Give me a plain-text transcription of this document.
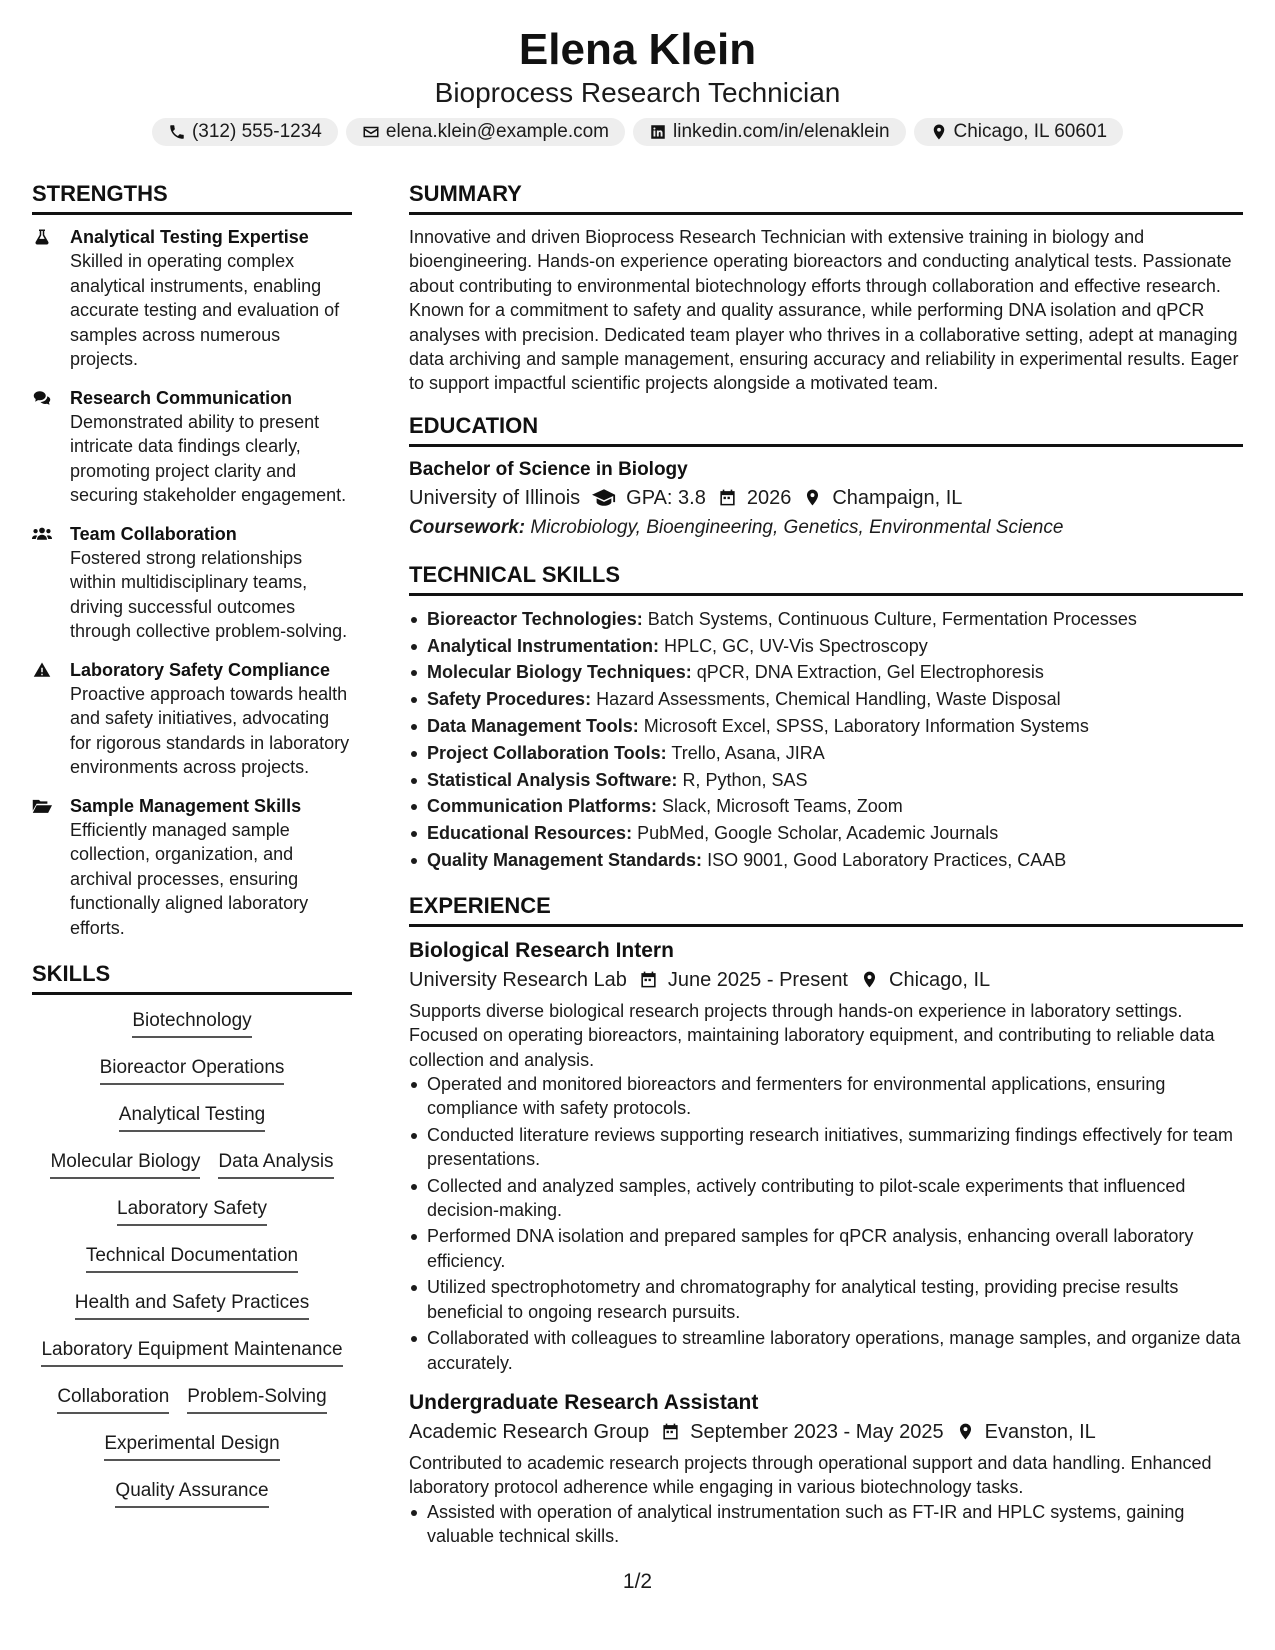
Elena Klein
Bioprocess Research Technician
(312) 555-1234	elena.klein@example.com	linkedin.com/in/elenaklein	Chicago, IL 60601
STRENGTHS
Analytical Testing Expertise
Skilled in operating complex analytical instruments, enabling accurate testing and evaluation of samples across numerous projects.
Research Communication
Demonstrated ability to present intricate data findings clearly, promoting project clarity and securing stakeholder engagement.
Team Collaboration
Fostered strong relationships within multidisciplinary teams, driving successful outcomes through collective problem-solving.
Laboratory Safety Compliance
Proactive approach towards health and safety initiatives, advocating for rigorous standards in laboratory environments across projects.
Sample Management Skills
Efficiently managed sample collection, organization, and archival processes, ensuring functionally aligned laboratory efforts.
SKILLS
Biotechnology
Bioreactor Operations
Analytical Testing
Molecular Biology Data Analysis
Laboratory Safety
Technical Documentation
Health and Safety Practices
Laboratory Equipment Maintenance
Collaboration Problem-Solving
Experimental Design
Quality Assurance
SUMMARY
Innovative and driven Bioprocess Research Technician with extensive training in biology and bioengineering. Hands-on experience operating bioreactors and conducting analytical tests. Passionate about contributing to environmental biotechnology efforts through collaboration and effective research. Known for a commitment to safety and quality assurance, while performing DNA isolation and qPCR analyses with precision. Dedicated team player who thrives in a collaborative setting, adept at managing data archiving and sample management, ensuring accuracy and reliability in experimental results. Eager to support impactful scientific projects alongside a motivated team.
EDUCATION
Bachelor of Science in Biology
University of Illinois GPA: 3.8 2026 Champaign, IL
Coursework: Microbiology, Bioengineering, Genetics, Environmental Science
TECHNICAL SKILLS
Bioreactor Technologies: Batch Systems, Continuous Culture, Fermentation Processes
Analytical Instrumentation: HPLC, GC, UV-Vis Spectroscopy
Molecular Biology Techniques: qPCR, DNA Extraction, Gel Electrophoresis
Safety Procedures: Hazard Assessments, Chemical Handling, Waste Disposal
Data Management Tools: Microsoft Excel, SPSS, Laboratory Information Systems
Project Collaboration Tools: Trello, Asana, JIRA
Statistical Analysis Software: R, Python, SAS
Communication Platforms: Slack, Microsoft Teams, Zoom
Educational Resources: PubMed, Google Scholar, Academic Journals
Quality Management Standards: ISO 9001, Good Laboratory Practices, CAAB
EXPERIENCE
Biological Research Intern
University Research Lab June 2025 - Present Chicago, IL
Supports diverse biological research projects through hands-on experience in laboratory settings. Focused on operating bioreactors, maintaining laboratory equipment, and contributing to reliable data collection and analysis.
Operated and monitored bioreactors and fermenters for environmental applications, ensuring compliance with safety protocols.
Conducted literature reviews supporting research initiatives, summarizing findings effectively for team presentations.
Collected and analyzed samples, actively contributing to pilot-scale experiments that influenced decision-making.
Performed DNA isolation and prepared samples for qPCR analysis, enhancing overall laboratory efficiency.
Utilized spectrophotometry and chromatography for analytical testing, providing precise results beneficial to ongoing research pursuits.
Collaborated with colleagues to streamline laboratory operations, manage samples, and organize data accurately.
Undergraduate Research Assistant
Academic Research Group September 2023 - May 2025 Evanston, IL
Contributed to academic research projects through operational support and data handling. Enhanced laboratory protocol adherence while engaging in various biotechnology tasks.
Assisted with operation of analytical instrumentation such as FT-IR and HPLC systems, gaining valuable technical skills.
1/2
